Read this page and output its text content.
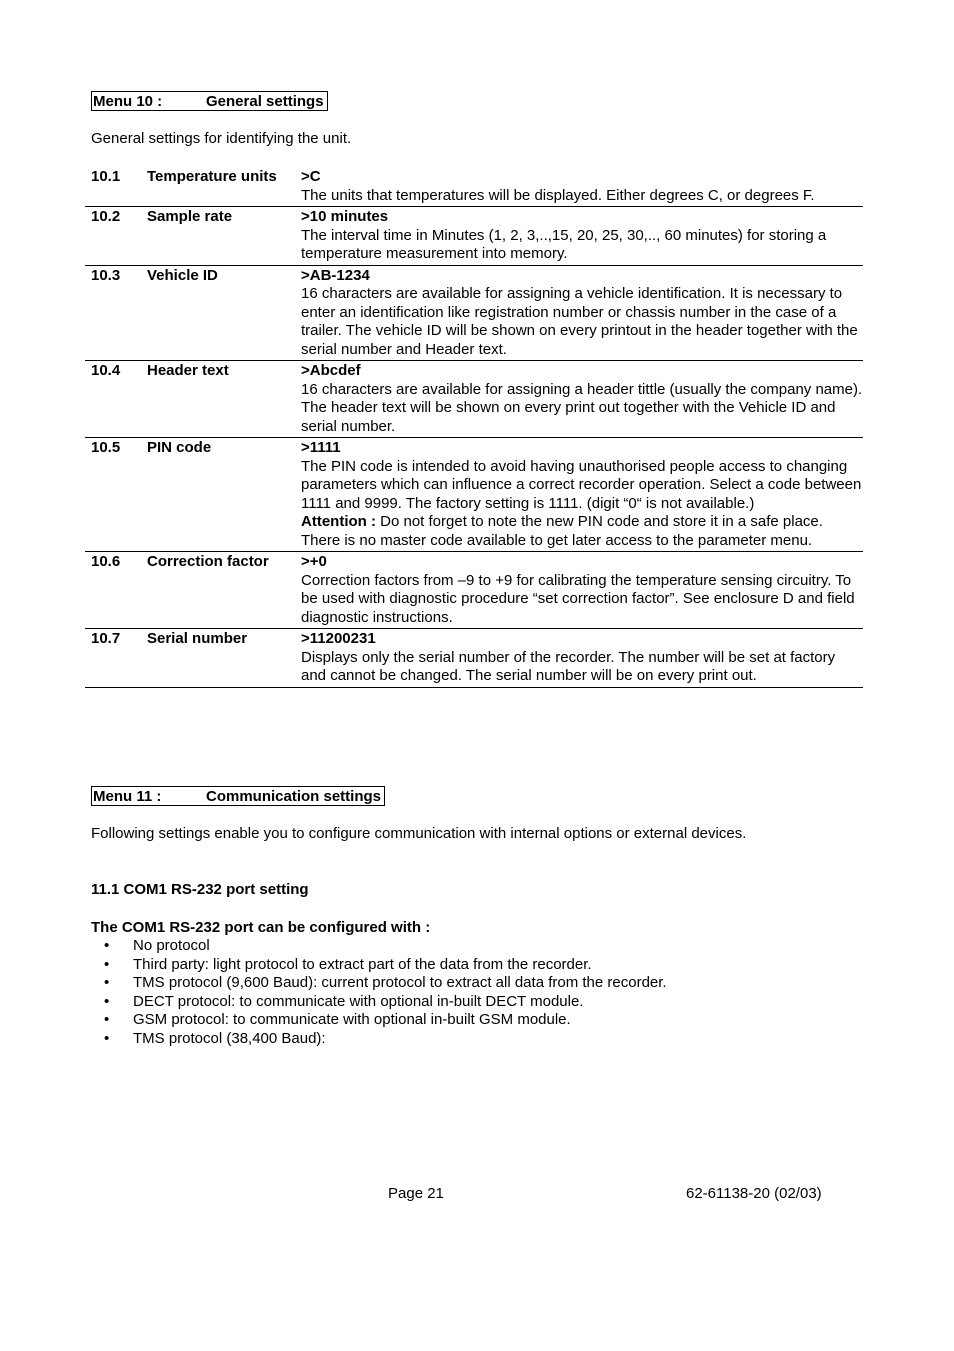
Menu 10 :	General settings
General settings for identifying the unit.
10.1	Temperature units	>C
The units that temperatures will be displayed. Either degrees C, or degrees F.

10.2	Sample rate	>10 minutes
The interval time in Minutes (1, 2, 3,..,15, 20, 25, 30,.., 60 minutes) for storing a temperature measurement into memory.

10.3	Vehicle ID	>AB-1234
16 characters are available for assigning a vehicle identification. It is necessary to enter an identification like registration number or chassis number in the case of a trailer. The vehicle ID will be shown on every printout in the header together with the serial number and Header text.

10.4	Header text	>Abcdef
16 characters are available for assigning a header tittle (usually the company name). The header text will be shown on every print out together with the Vehicle ID and serial number.

10.5	PIN code	>1111
The PIN code is intended to avoid having unauthorised people access to changing parameters which can influence a correct recorder operation. Select a code between 1111 and 9999. The factory setting is 1111. (digit “0“ is not available.)
Attention : Do not forget to note the new PIN code and store it in a safe place. There is no master code available to get later access to the parameter menu.

10.6	Correction factor	>+0
Correction factors from –9 to +9 for calibrating the temperature sensing circuitry. To be used with diagnostic procedure “set correction factor”. See enclosure D and field diagnostic instructions.

10.7	Serial number	>11200231
Displays only the serial number of the recorder. The number will be set at factory and cannot be changed. The serial number will be on every print out.
Menu 11 :	Communication settings
Following settings enable you to configure communication with internal options or external devices.
11.1 COM1 RS-232 port setting
The COM1 RS-232 port can be configured with :
• No protocol
• Third party: light protocol to extract part of the data from the recorder.
• TMS protocol (9,600 Baud): current protocol to extract all data from the recorder.
• DECT protocol: to communicate with optional in-built DECT module.
• GSM protocol: to communicate with optional in-built GSM module.
• TMS protocol (38,400 Baud):
Page 21	62-61138-20 (02/03)
